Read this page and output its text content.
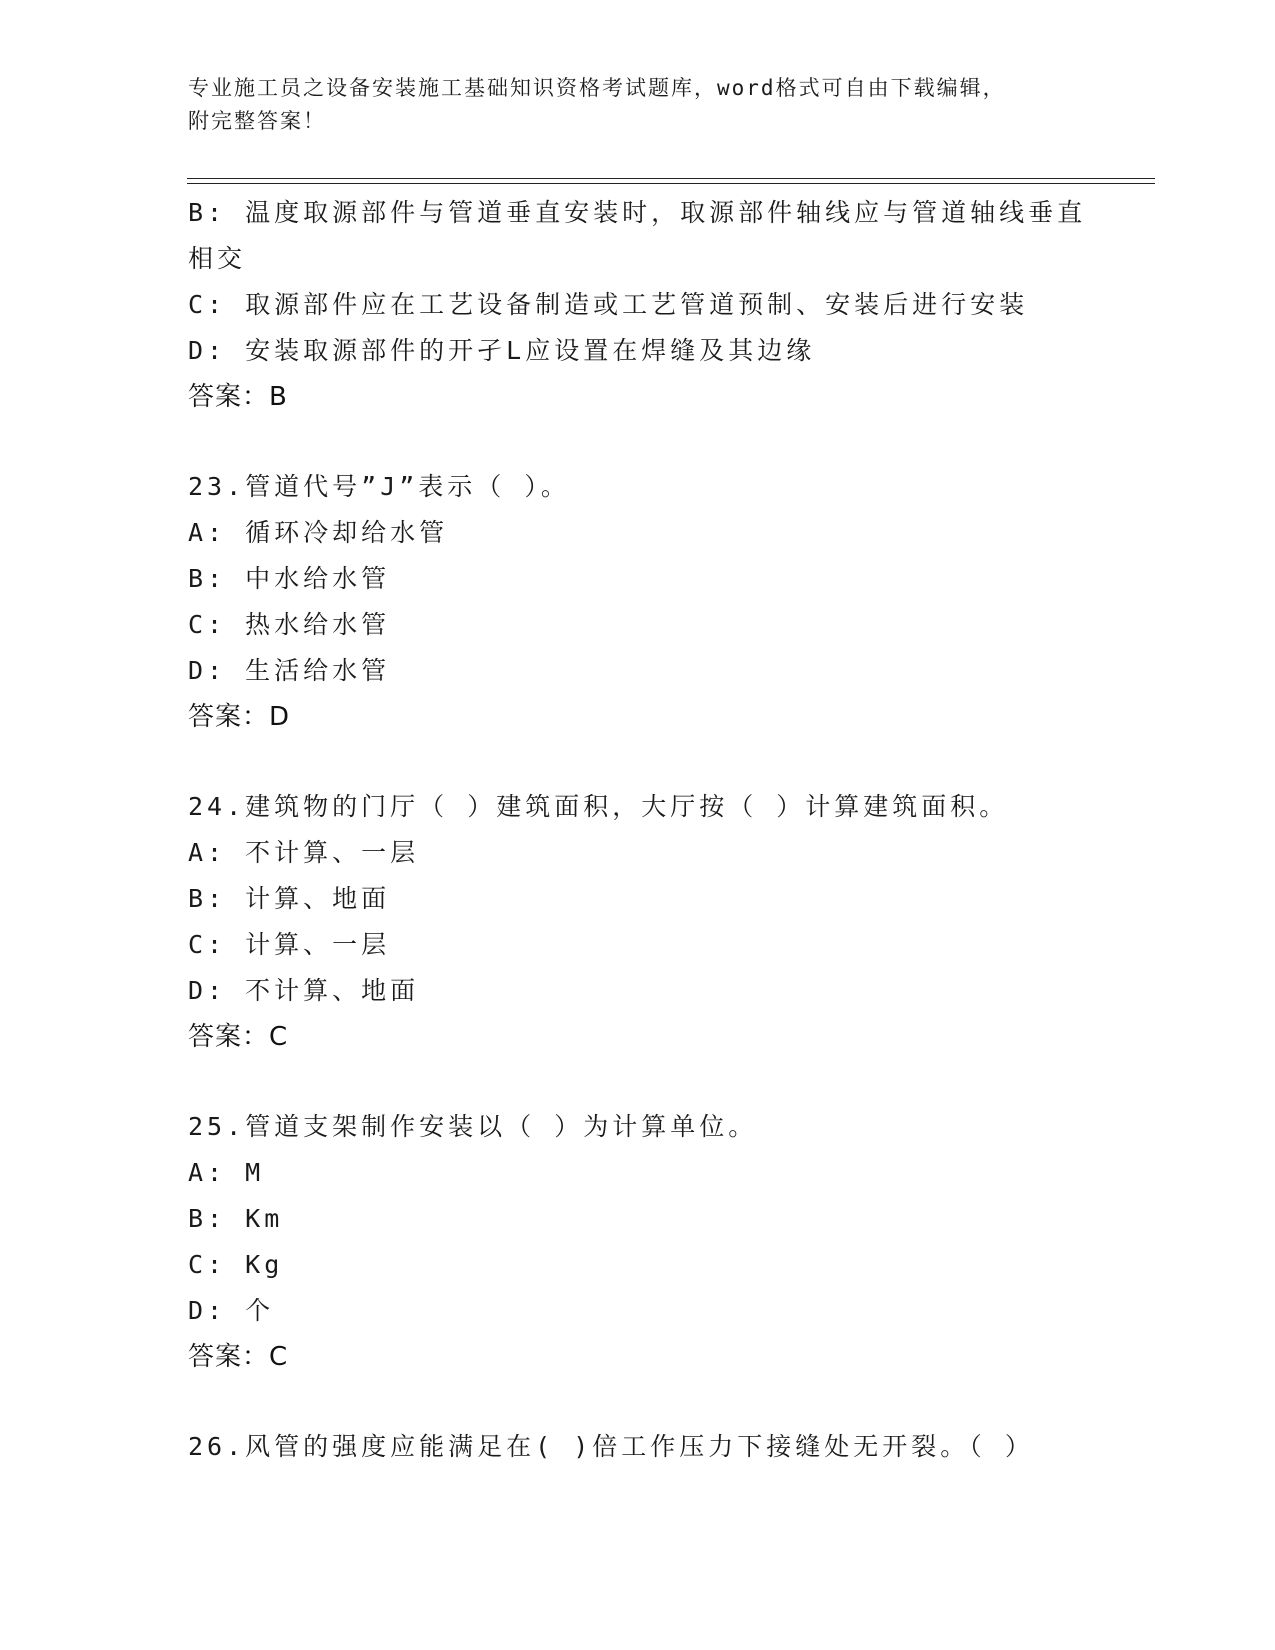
专业施工员之设备安装施工基础知识资格考试题库，word格式可自由下载编辑，
附完整答案！
B: 温度取源部件与管道垂直安装时，取源部件轴线应与管道轴线垂直
相交
C: 取源部件应在工艺设备制造或工艺管道预制、安装后进行安装
D: 安装取源部件的开孑L应设置在焊缝及其边缘
答案：B
23.管道代号”J”表示（ ）。
A: 循环冷却给水管
B: 中水给水管
C: 热水给水管
D: 生活给水管
答案：D
24.建筑物的门厅（ ）建筑面积，大厅按（ ）计算建筑面积。
A: 不计算、一层
B: 计算、地面
C: 计算、一层
D: 不计算、地面
答案：C
25.管道支架制作安装以（ ）为计算单位。
A: M
B: Km
C: Kg
D: 个
答案：C
26.风管的强度应能满足在( )倍工作压力下接缝处无开裂。（ ）
